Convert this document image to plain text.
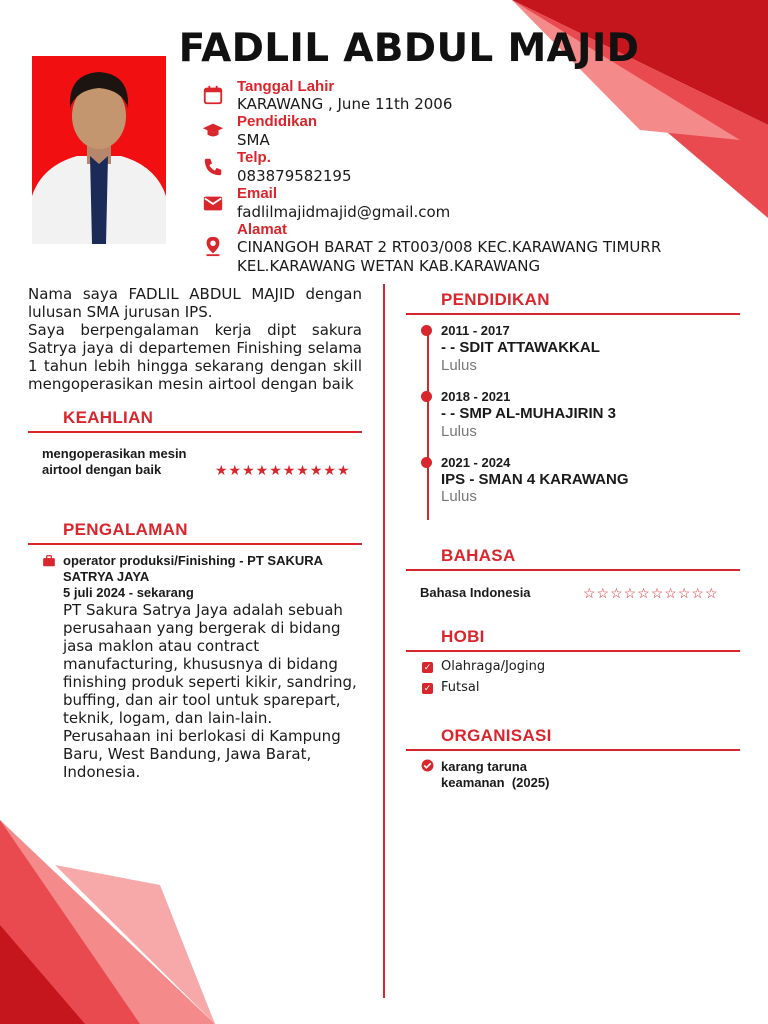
FADLIL ABDUL MAJID
Tanggal Lahir
KARAWANG , June 11th 2006
Pendidikan
SMA
Telp.
083879582195
Email
fadlilmajidmajid@gmail.com
Alamat
CINANGOH BARAT 2 RT003/008 KEC.KARAWANG TIMURR
KEL.KARAWANG WETAN KAB.KARAWANG
Nama saya FADLIL ABDUL MAJID dengan lulusan SMA jurusan IPS.
Saya berpengalaman kerja dipt sakura Satrya jaya di departemen Finishing selama 1 tahun lebih hingga sekarang dengan skill mengoperasikan mesin airtool dengan baik
KEAHLIAN
mengoperasikan mesin airtool dengan baik	★★★★★★★★★★
PENGALAMAN
operator produksi/Finishing - PT SAKURA SATRYA JAYA
5 juli 2024 - sekarang
PT Sakura Satrya Jaya adalah sebuah perusahaan yang bergerak di bidang jasa maklon atau contract manufacturing, khususnya di bidang finishing produk seperti kikir, sandring, buffing, dan air tool untuk sparepart, teknik, logam, dan lain-lain. Perusahaan ini berlokasi di Kampung Baru, West Bandung, Jawa Barat, Indonesia.
PENDIDIKAN
2011 - 2017
- - SDIT ATTAWAKKAL
Lulus
2018 - 2021
- - SMP AL-MUHAJIRIN 3
Lulus
2021 - 2024
IPS - SMAN 4 KARAWANG
Lulus
BAHASA
Bahasa Indonesia	☆☆☆☆☆☆☆☆☆☆
HOBI
✓ Olahraga/Joging
✓ Futsal
ORGANISASI
karang taruna
keamanan  (2025)
